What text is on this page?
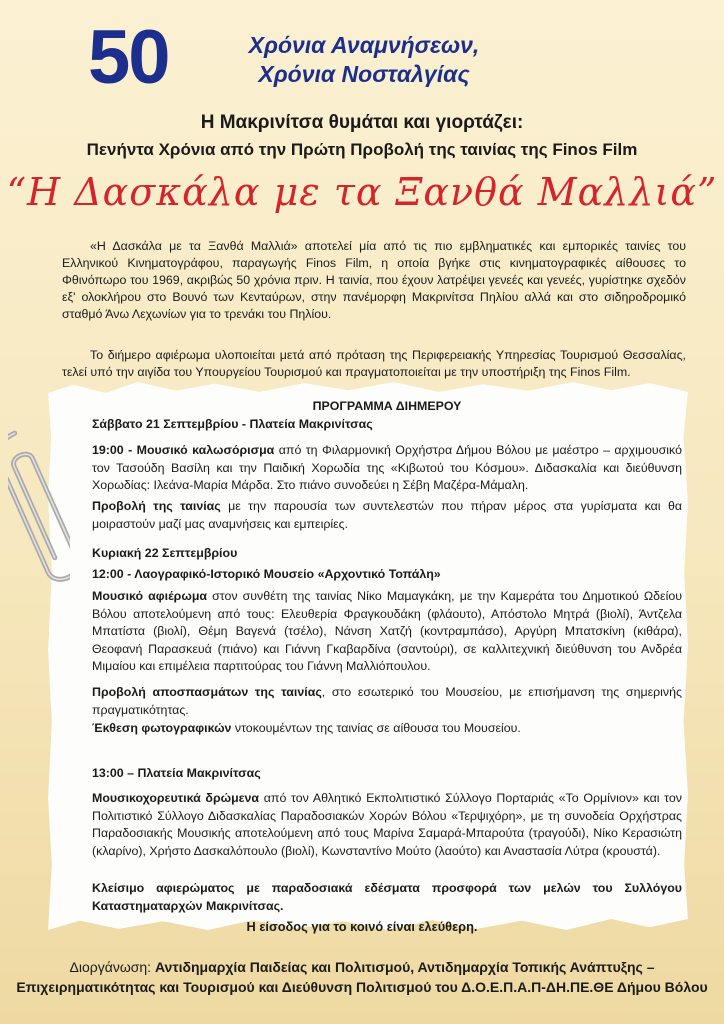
50	Χρόνια Αναμνήσεων,
Χρόνια Νοσταλγίας
Η Μακρινίτσα θυμάται και γιορτάζει:
Πενήντα Χρόνια από την Πρώτη Προβολή της ταινίας της Finos Film
“Η Δασκάλα με τα Ξανθά Μαλλιά”

«Η Δασκάλα με τα Ξανθά Μαλλιά» αποτελεί μία από τις πιο εμβληματικές και εμπορικές ταινίες του Ελληνικού Κινηματογράφου, παραγωγής Finos Film, η οποία βγήκε στις κινηματογραφικές αίθουσες το Φθινόπωρο του 1969, ακριβώς 50 χρόνια πριν. Η ταινία, που έχουν λατρέψει γενεές και γενεές, γυρίστηκε σχεδόν εξ' ολοκλήρου στο Βουνό των Κενταύρων, στην πανέμορφη Μακρινίτσα Πηλίου αλλά και στο σιδηροδρομικό σταθμό Άνω Λεχωνίων για το τρενάκι του Πηλίου.

Το διήμερο αφιέρωμα υλοποιείται μετά από πρόταση της Περιφερειακής Υπηρεσίας Τουρισμού Θεσσαλίας, τελεί υπό την αιγίδα του Υπουργείου Τουρισμού και πραγματοποιείται με την υποστήριξη της Finos Film.

ΠΡΟΓΡΑΜΜΑ ΔΙΗΜΕΡΟΥ
Σάββατο 21 Σεπτεμβρίου - Πλατεία Μακρινίτσας
19:00 - Μουσικό καλωσόρισμα από τη Φιλαρμονική Ορχήστρα Δήμου Βόλου με μαέστρο – αρχιμουσικό τον Τασούδη Βασίλη και την Παιδική Χορωδία της «Κιβωτού του Κόσμου». Διδασκαλία και διεύθυνση Χορωδίας: Ιλεάνα-Μαρία Μάρδα. Στο πιάνο συνοδεύει η Σέβη Μαζέρα-Μάμαλη.
Προβολή της ταινίας με την παρουσία των συντελεστών που πήραν μέρος στα γυρίσματα και θα μοιραστούν μαζί μας αναμνήσεις και εμπειρίες.
Κυριακή 22 Σεπτεμβρίου
12:00 - Λαογραφικό-Ιστορικό Μουσείο «Αρχοντικό Τοπάλη»
Μουσικό αφιέρωμα στον συνθέτη της ταινίας Νίκο Μαμαγκάκη, με την Καμεράτα του Δημοτικού Ωδείου Βόλου αποτελούμενη από τους: Ελευθερία Φραγκουδάκη (φλάουτο), Απόστολο Μητρά (βιολί), Άντζελα Μπατίστα (βιολί), Θέμη Βαγενά (τσέλο), Νάνση Χατζή (κοντραμπάσο), Αργύρη Μπατσκίνη (κιθάρα), Θεοφανή Παρασκευά (πιάνο) και Γιάννη Γκαβαρδίνα (σαντούρι), σε καλλιτεχνική διεύθυνση του Ανδρέα Μιμαίου και επιμέλεια παρτιτούρας του Γιάννη Μαλλιόπουλου.
Προβολή αποσπασμάτων της ταινίας, στο εσωτερικό του Μουσείου, με επισήμανση της σημερινής πραγματικότητας.
Έκθεση φωτογραφικών ντοκουμέντων της ταινίας σε αίθουσα του Μουσείου.
13:00 – Πλατεία Μακρινίτσας
Μουσικοχορευτικά δρώμενα από τον Αθλητικό Εκπολιτιστικό Σύλλογο Πορταριάς «Το Ορμίνιον» και τον Πολιτιστικό Σύλλογο Διδασκαλίας Παραδοσιακών Χορών Βόλου «Τερψιχόρη», με τη συνοδεία Ορχήστρας Παραδοσιακής Μουσικής αποτελούμενη από τους Μαρίνα Σαμαρά-Μπαρούτα (τραγούδι), Νίκο Κερασιώτη (κλαρίνο), Χρήστο Δασκαλόπουλο (βιολί), Κωνσταντίνο Μούτο (λαούτο) και Αναστασία Λύτρα (κρουστά).
Κλείσιμο αφιερώματος με παραδοσιακά εδέσματα προσφορά των μελών του Συλλόγου Καταστηματαρχών Μακρινίτσας.
Η είσοδος για το κοινό είναι ελεύθερη.
Διοργάνωση: Αντιδημαρχία Παιδείας και Πολιτισμού, Αντιδημαρχία Τοπικής Ανάπτυξης –
Επιχειρηματικότητας και Τουρισμού και Διεύθυνση Πολιτισμού του Δ.Ο.Ε.Π.Α.Π-ΔΗ.ΠΕ.ΘΕ Δήμου Βόλου
